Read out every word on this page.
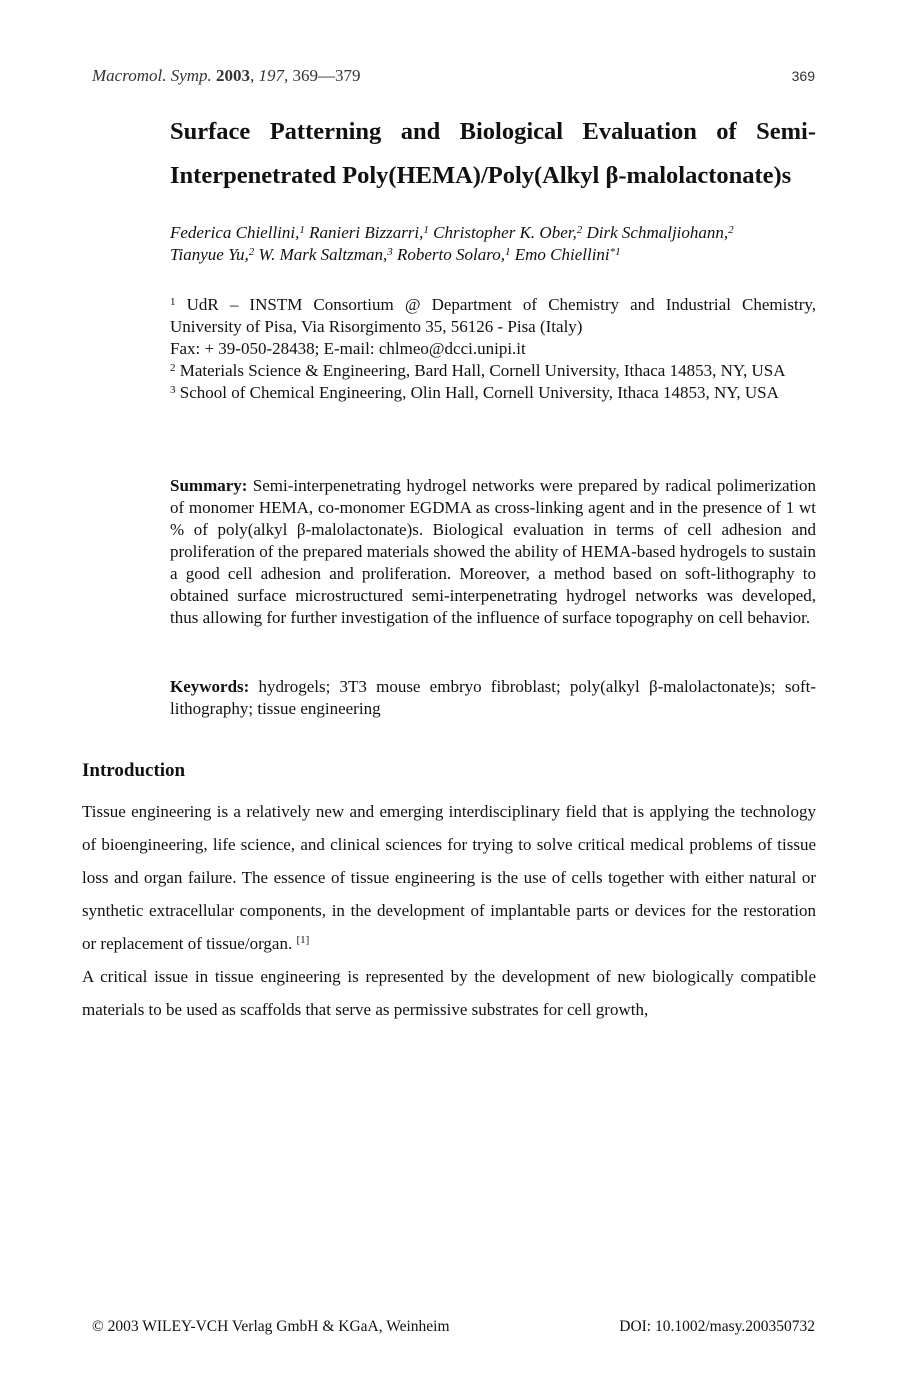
Macromol. Symp. 2003, 197, 369—379	369
Surface Patterning and Biological Evaluation of Semi-Interpenetrated Poly(HEMA)/Poly(Alkyl β-malolactonate)s
Federica Chiellini,$^1$ Ranieri Bizzarri,$^1$ Christopher K. Ober,$^2$ Dirk Schmaljiohann,$^2$
Tianyue Yu,$^2$ W. Mark Saltzman,$^3$ Roberto Solaro,$^1$ Emo Chiellini$^{*1}$
$^1$ UdR – INSTM Consortium @ Department of Chemistry and Industrial Chemistry, University of Pisa, Via Risorgimento 35, 56126 - Pisa (Italy)
Fax: + 39-050-28438; E-mail: chlmeo@dcci.unipi.it
$^2$ Materials Science & Engineering, Bard Hall, Cornell University, Ithaca 14853, NY, USA
$^3$ School of Chemical Engineering, Olin Hall, Cornell University, Ithaca 14853, NY, USA
Summary: Semi-interpenetrating hydrogel networks were prepared by radical polimerization of monomer HEMA, co-monomer EGDMA as cross-linking agent and in the presence of 1 wt % of poly(alkyl β-malolactonate)s. Biological evaluation in terms of cell adhesion and proliferation of the prepared materials showed the ability of HEMA-based hydrogels to sustain a good cell adhesion and proliferation. Moreover, a method based on soft-lithography to obtained surface microstructured semi-interpenetrating hydrogel networks was developed, thus allowing for further investigation of the influence of surface topography on cell behavior.
Keywords: hydrogels; 3T3 mouse embryo fibroblast; poly(alkyl β-malolactonate)s; soft-lithography; tissue engineering
Introduction

Tissue engineering is a relatively new and emerging interdisciplinary field that is applying the technology of bioengineering, life science, and clinical sciences for trying to solve critical medical problems of tissue loss and organ failure. The essence of tissue engineering is the use of cells together with either natural or synthetic extracellular components, in the development of implantable parts or devices for the restoration or replacement of tissue/organ. [1]

A critical issue in tissue engineering is represented by the development of new biologically compatible materials to be used as scaffolds that serve as permissive substrates for cell growth,

© 2003 WILEY-VCH Verlag GmbH & KGaA, Weinheim	DOI: 10.1002/masy.200350732
